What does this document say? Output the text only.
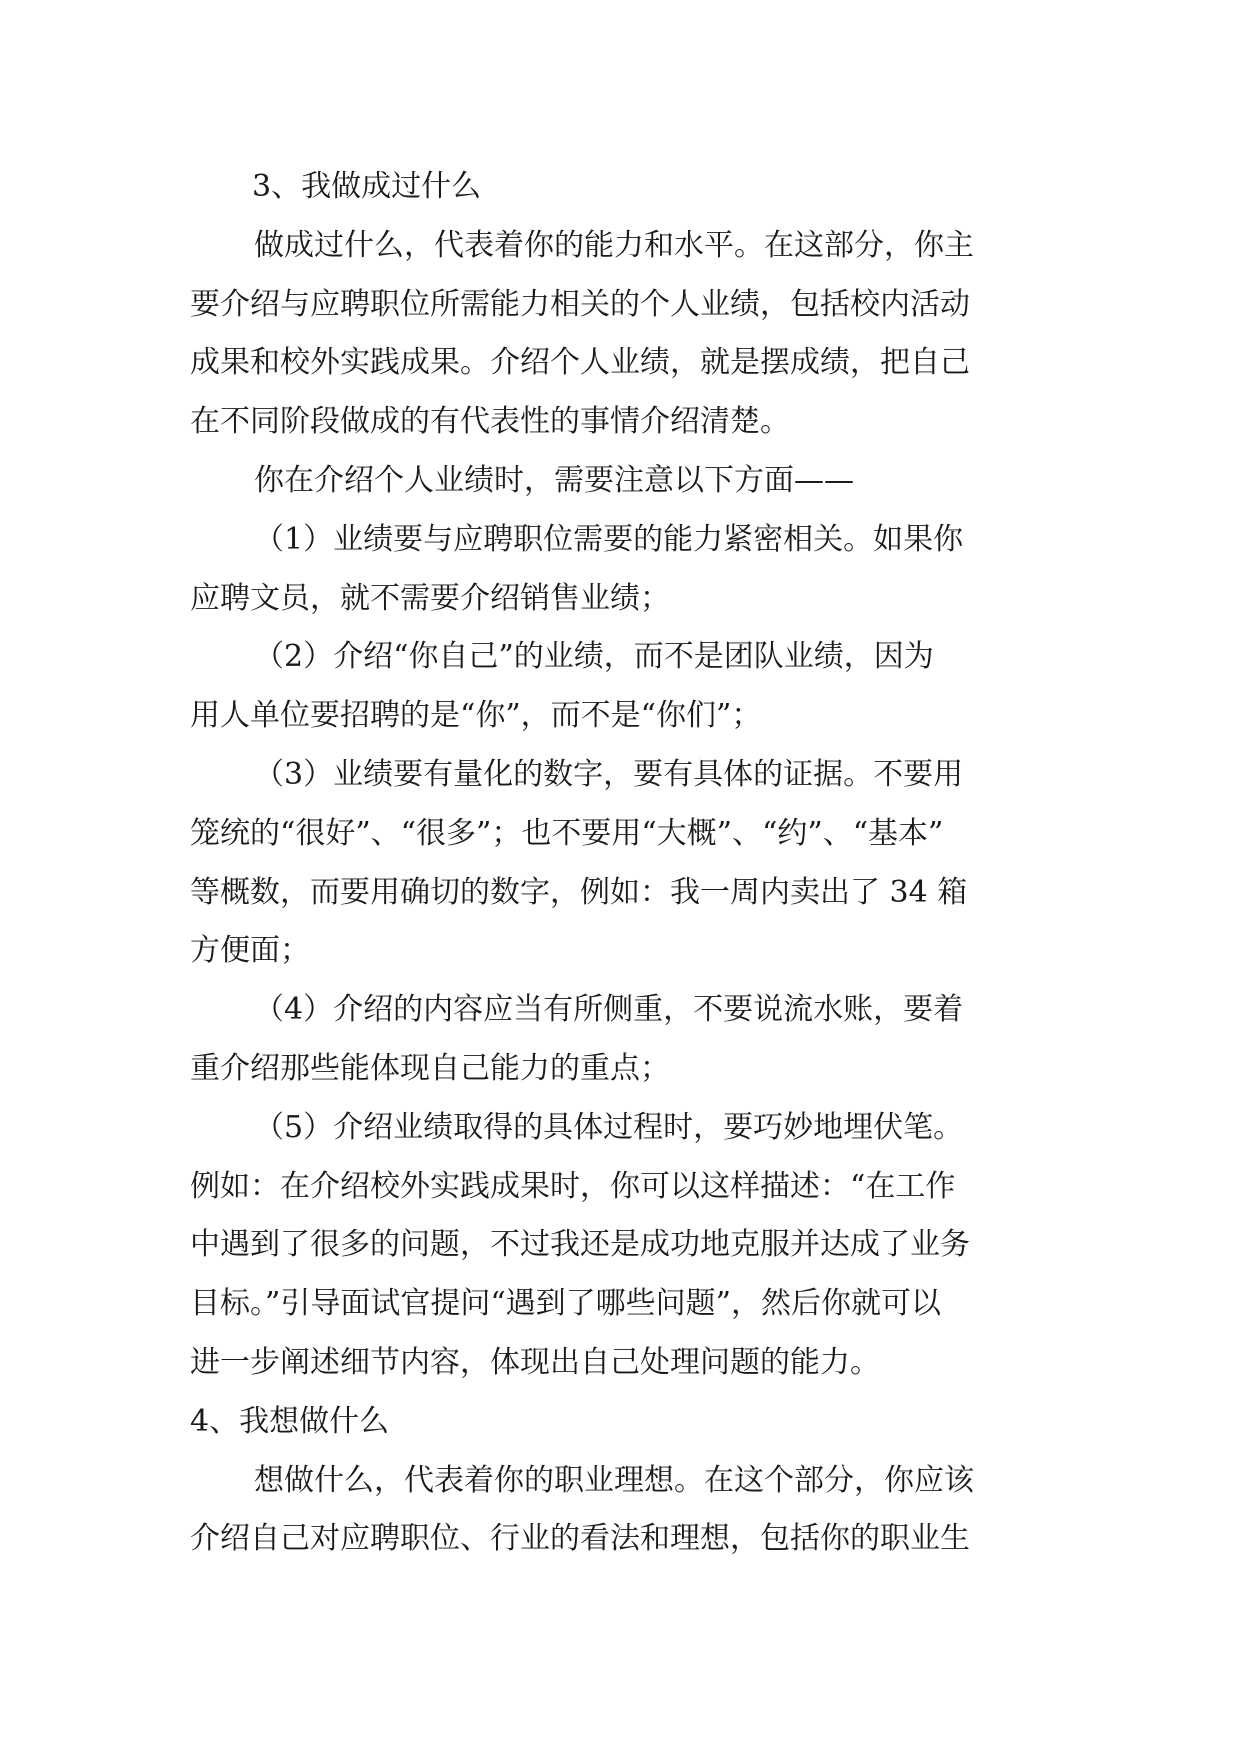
3、我做成过什么
做成过什么，代表着你的能力和水平。在这部分，你主
要介绍与应聘职位所需能力相关的个人业绩，包括校内活动
成果和校外实践成果。介绍个人业绩，就是摆成绩，把自己
在不同阶段做成的有代表性的事情介绍清楚。
你在介绍个人业绩时，需要注意以下方面——
（1）业绩要与应聘职位需要的能力紧密相关。如果你
应聘文员，就不需要介绍销售业绩；
（2）介绍“你自己”的业绩，而不是团队业绩，因为
用人单位要招聘的是“你”，而不是“你们”；
（3）业绩要有量化的数字，要有具体的证据。不要用
笼统的“很好”、“很多”；也不要用“大概”、“约”、“基本”
等概数，而要用确切的数字，例如：我一周内卖出了 34 箱
方便面；
（4）介绍的内容应当有所侧重，不要说流水账，要着
重介绍那些能体现自己能力的重点；
（5）介绍业绩取得的具体过程时，要巧妙地埋伏笔。
例如：在介绍校外实践成果时，你可以这样描述：“在工作
中遇到了很多的问题，不过我还是成功地克服并达成了业务
目标。”引导面试官提问“遇到了哪些问题”，然后你就可以
进一步阐述细节内容，体现出自己处理问题的能力。
4、我想做什么
想做什么，代表着你的职业理想。在这个部分，你应该
介绍自己对应聘职位、行业的看法和理想，包括你的职业生
